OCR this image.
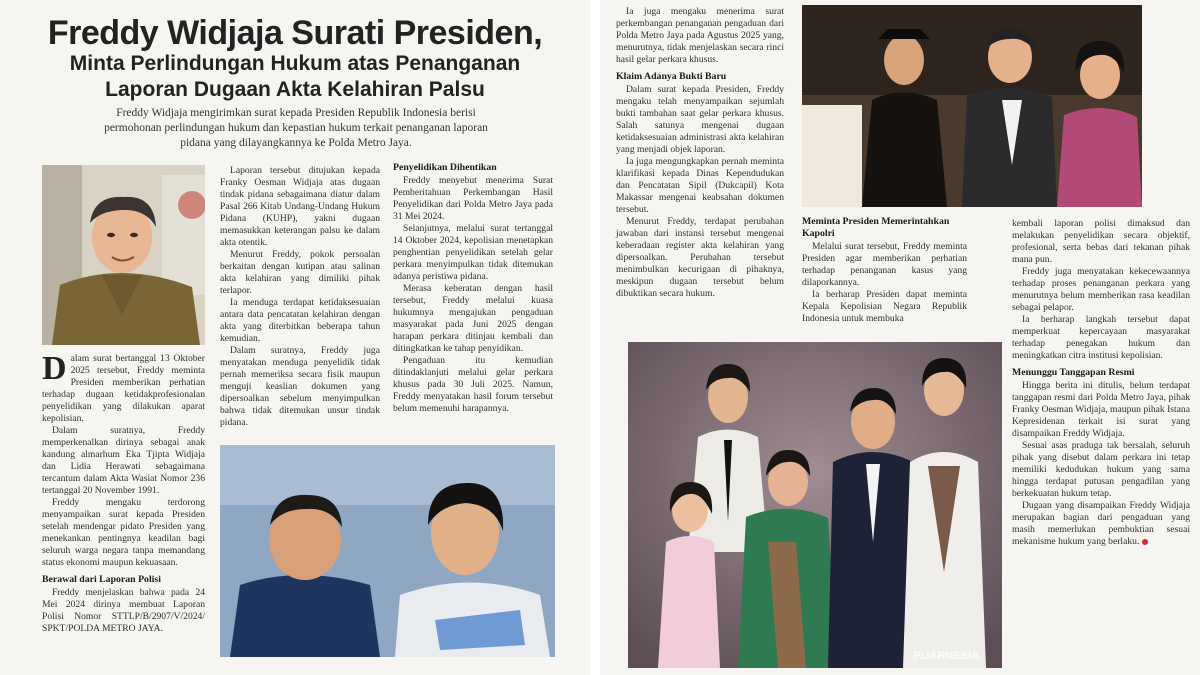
Freddy Widjaja Surati Presiden,
Minta Perlindungan Hukum atas Penanganan
Laporan Dugaan Akta Kelahiran Palsu

Freddy Widjaja mengirimkan surat kepada Presiden Republik Indonesia berisi permohonan perlindungan hukum dan kepastian hukum terkait penanganan laporan pidana yang dilayangkannya ke Polda Metro Jaya.

Dalam surat bertanggal 13 Oktober 2025 tersebut, Freddy meminta Presiden memberikan perhatian terhadap dugaan ketidakprofesionalan penyelidikan yang dilakukan aparat kepolisian.

Dalam suratnya, Freddy memperkenalkan dirinya sebagai anak kandung almarhum Eka Tjipta Widjaja dan Lidia Herawati sebagaimana tercantum dalam Akta Wasiat Nomor 236 tertanggal 20 November 1991.

Freddy mengaku terdorong menyampaikan surat kepada Presiden setelah mendengar pidato Presiden yang menekankan pentingnya keadilan bagi seluruh warga negara tanpa memandang status ekonomi maupun kekuasaan.

Berawal dari Laporan Polisi

Freddy menjelaskan bahwa pada 24 Mei 2024 dirinya membuat Laporan Polisi Nomor STTLP/B/2907/V/2024/ SPKT/POLDA METRO JAYA.

Laporan tersebut ditujukan kepada Franky Oesman Widjaja atas dugaan tindak pidana sebagaimana diatur dalam Pasal 266 Kitab Undang-Undang Hukum Pidana (KUHP), yakni dugaan memasukkan keterangan palsu ke dalam akta otentik.

Menurut Freddy, pokok persoalan berkaitan dengan kutipan atau salinan akta kelahiran yang dimiliki pihak terlapor.

Ia menduga terdapat ketidaksesuaian antara data pencatatan kelahiran dengan akta yang diterbitkan beberapa tahun kemudian.

Dalam suratnya, Freddy juga menyatakan menduga penyelidik tidak pernah memeriksa secara fisik maupun menguji keaslian dokumen yang dipersoalkan sebelum menyimpulkan bahwa tidak ditemukan unsur tindak pidana.

Penyelidikan Dihentikan

Freddy menyebut menerima Surat Pemberitahuan Perkembangan Hasil Penyelidikan dari Polda Metro Jaya pada 31 Mei 2024.

Selanjutnya, melalui surat tertanggal 14 Oktober 2024, kepolisian menetapkan penghentian penyelidikan setelah gelar perkara menyimpulkan tidak ditemukan adanya peristiwa pidana.

Merasa keberatan dengan hasil tersebut, Freddy melalui kuasa hukumnya mengajukan pengaduan masyarakat pada Juni 2025 dengan harapan perkara ditinjau kembali dan ditingkatkan ke tahap penyidikan.

Pengaduan itu kemudian ditindaklanjuti melalui gelar perkara khusus pada 30 Juli 2025. Namun, Freddy menyatakan hasil forum tersebut belum memenuhi harapannya.

Ia juga mengaku menerima surat perkembangan penanganan pengaduan dari Polda Metro Jaya pada Agustus 2025 yang, menurutnya, tidak menjelaskan secara rinci hasil gelar perkara khusus.

Klaim Adanya Bukti Baru

Dalam surat kepada Presiden, Freddy mengaku telah menyampaikan sejumlah bukti tambahan saat gelar perkara khusus. Salah satunya mengenai dugaan ketidaksesuaian administrasi akta kelahiran yang menjadi objek laporan.

Ia juga mengungkapkan pernah meminta klarifikasi kepada Dinas Kependudukan dan Pencatatan Sipil (Dukcapil) Kota Makassar mengenai keabsahan dokumen tersebut.

Menurut Freddy, terdapat perubahan jawaban dari instansi tersebut mengenai keberadaan register akta kelahiran yang dipersoalkan. Perubahan tersebut menimbulkan kecurigaan di pihaknya, meskipun dugaan tersebut belum dibuktikan secara hukum.

Meminta Presiden Memerintahkan
Kapolri

Melalui surat tersebut, Freddy meminta Presiden agar memberikan perhatian terhadap penanganan kasus yang dilaporkannya.

Ia berharap Presiden dapat meminta Kepala Kepolisian Negara Republik Indonesia untuk membuka

kembali laporan polisi dimaksud dan melakukan penyelidikan secara objektif, profesional, serta bebas dari tekanan pihak mana pun.

Freddy juga menyatakan kekecewaannya terhadap proses penanganan perkara yang menurutnya belum memberikan rasa keadilan sebagai pelapor.

Ia berharap langkah tersebut dapat memperkuat kepercayaan masyarakat terhadap penegakan hukum dan meningkatkan citra institusi kepolisian.

Menunggu Tanggapan Resmi

Hingga berita ini ditulis, belum terdapat tanggapan resmi dari Polda Metro Jaya, pihak Franky Oesman Widjaja, maupun pihak Istana Kepresidenan terkait isi surat yang disampaikan Freddy Widjaja.

Sesuai asas praduga tak bersalah, seluruh pihak yang disebut dalam perkara ini tetap memiliki kedudukan hukum yang sama hingga terdapat putusan pengadilan yang berkekuatan hukum tetap.

Dugaan yang disampaikan Freddy Widjaja merupakan bagian dari pengaduan yang masih memerlukan pembuktian sesuai mekanisme hukum yang berlaku.

PIJARNESIA
